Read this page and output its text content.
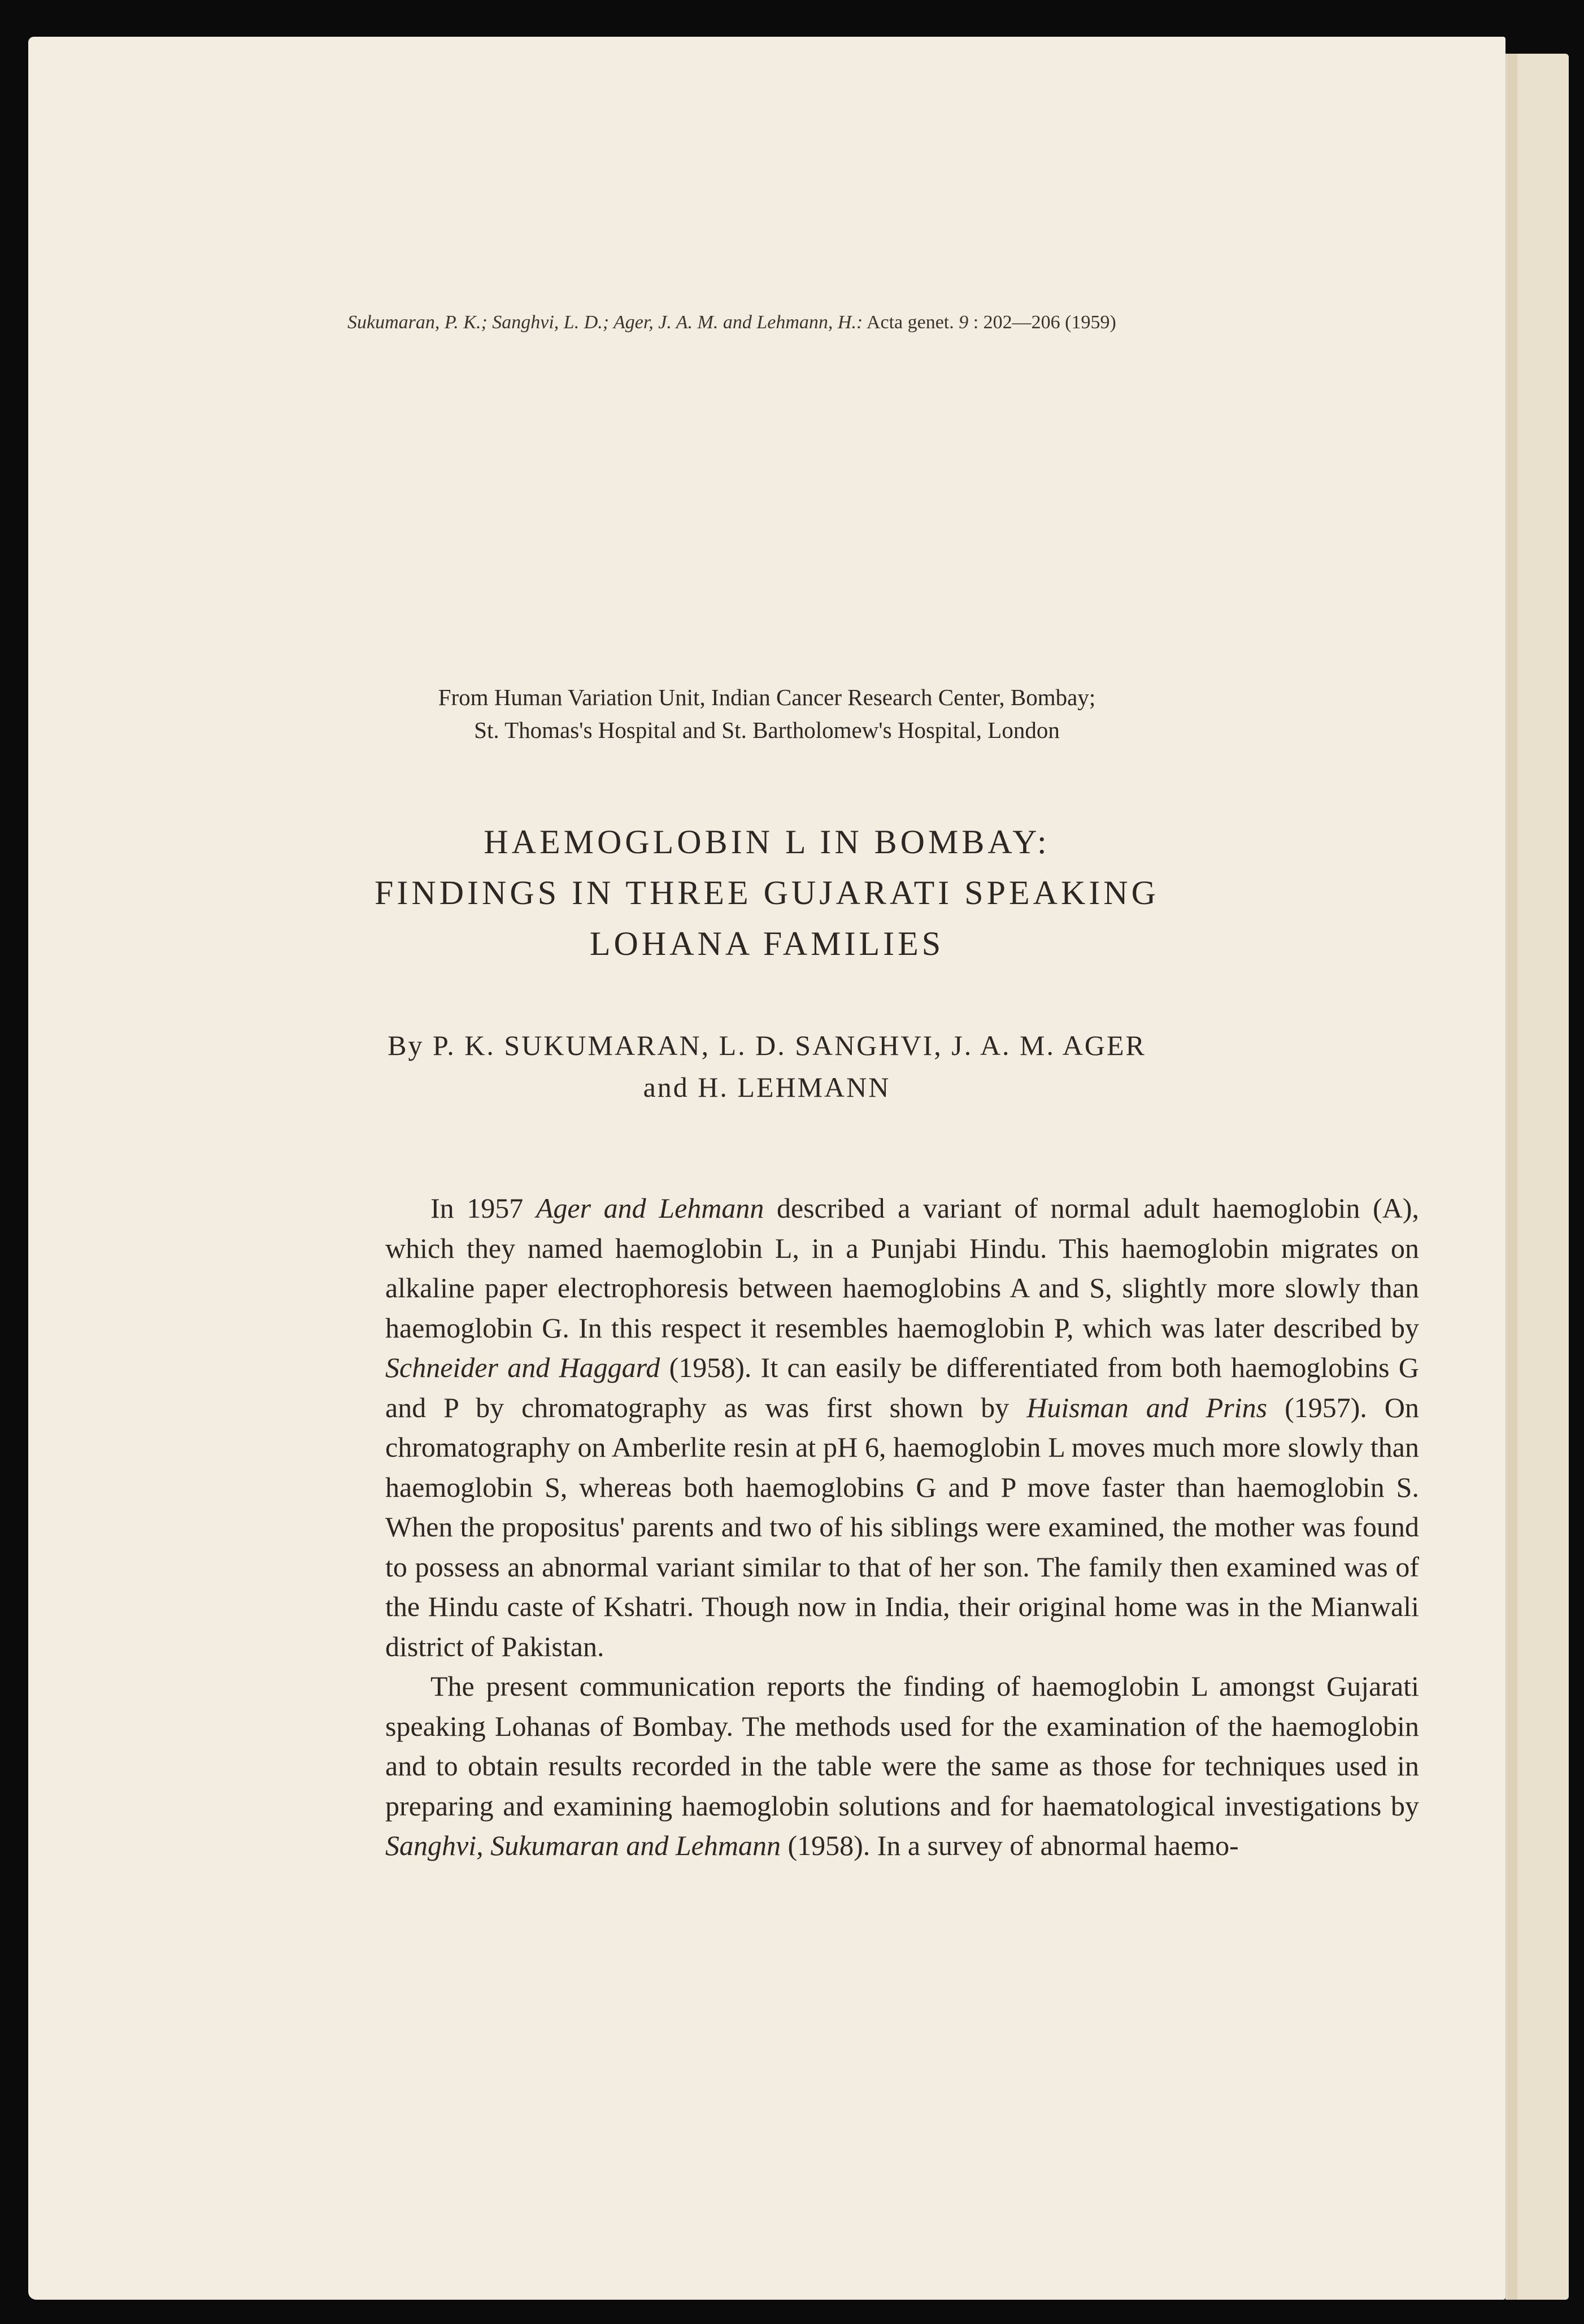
Sukumaran, P. K.; Sanghvi, L. D.; Ager, J. A. M. and Lehmann, H.: Acta genet. 9 : 202—206 (1959)
From Human Variation Unit, Indian Cancer Research Center, Bombay;
St. Thomas's Hospital and St. Bartholomew's Hospital, London
HAEMOGLOBIN L IN BOMBAY:
FINDINGS IN THREE GUJARATI SPEAKING
LOHANA FAMILIES
By P. K. SUKUMARAN, L. D. SANGHVI, J. A. M. AGER
and H. LEHMANN

In 1957 Ager and Lehmann described a variant of normal adult haemoglobin (A), which they named haemoglobin L, in a Punjabi Hindu. This haemoglobin migrates on alkaline paper electrophoresis between haemoglobins A and S, slightly more slowly than haemoglobin G. In this respect it resembles haemoglobin P, which was later described by Schneider and Haggard (1958). It can easily be differentiated from both haemoglobins G and P by chromatography as was first shown by Huisman and Prins (1957). On chromatography on Amberlite resin at pH 6, haemoglobin L moves much more slowly than haemoglobin S, whereas both haemoglobins G and P move faster than haemoglobin S. When the propositus' parents and two of his siblings were examined, the mother was found to possess an abnormal variant similar to that of her son. The family then examined was of the Hindu caste of Kshatri. Though now in India, their original home was in the Mianwali district of Pakistan.

The present communication reports the finding of haemoglobin L amongst Gujarati speaking Lohanas of Bombay. The methods used for the examination of the haemoglobin and to obtain results recorded in the table were the same as those for techniques used in preparing and examining haemoglobin solutions and for haematological investigations by Sanghvi, Sukumaran and Lehmann (1958). In a survey of abnormal haemo-
